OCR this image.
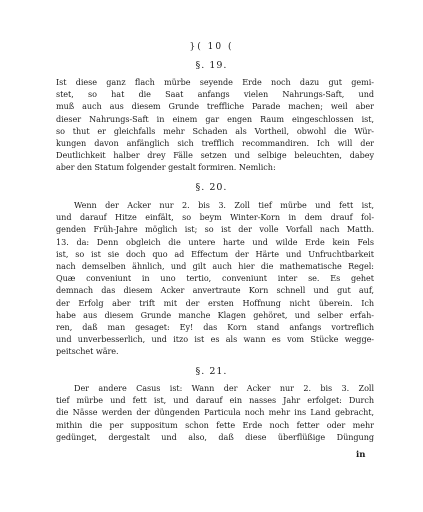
}( 10 (
§. 19.
Ist diese ganz flach mürbe seyende Erde noch dazu gut gemi-
stet, so hat die Saat anfangs vielen Nahrungs-Saft, und
muß auch aus diesem Grunde treffliche Parade machen; weil aber
dieser Nahrungs-Saft in einem gar engen Raum eingeschlossen ist,
so thut er gleichfalls mehr Schaden als Vortheil, obwohl die Wür-
kungen davon anfänglich sich trefflich recommandiren. Ich will der
Deutlichkeit halber drey Fälle setzen und selbige beleuchten, dabey
aber den Statum folgender gestalt formiren. Nemlich:
§. 20.
Wenn der Acker nur 2. bis 3. Zoll tief mürbe und fett ist,
und darauf Hitze einfält, so beym Winter-Korn in dem drauf fol-
genden Früh-Jahre möglich ist; so ist der volle Vorfall nach Matth.
13. da: Denn obgleich die untere harte und wilde Erde kein Fels
ist, so ist sie doch quo ad Effectum der Härte und Unfruchtbarkeit
nach demselben ähnlich, und gilt auch hier die mathematische Regel:
Quæ conveniunt in uno tertio, conveniunt inter se. Es gehet
demnach das diesem Acker anvertraute Korn schnell und gut auf,
der Erfolg aber trift mit der ersten Hoffnung nicht überein. Ich
habe aus diesem Grunde manche Klagen gehöret, und selber erfah-
ren, daß man gesaget: Ey! das Korn stand anfangs vortreflich
und unverbesserlich, und itzo ist es als wann es vom Stücke wegge-
peitschet wäre.
§. 21.
Der andere Casus ist: Wann der Acker nur 2. bis 3. Zoll
tief mürbe und fett ist, und darauf ein nasses Jahr erfolget: Durch
die Nässe werden der düngenden Particula noch mehr ins Land gebracht,
mithin die per suppositum schon fette Erde noch fetter oder mehr
gedünget, dergestalt und also, daß diese überflüßige Düngung
in
